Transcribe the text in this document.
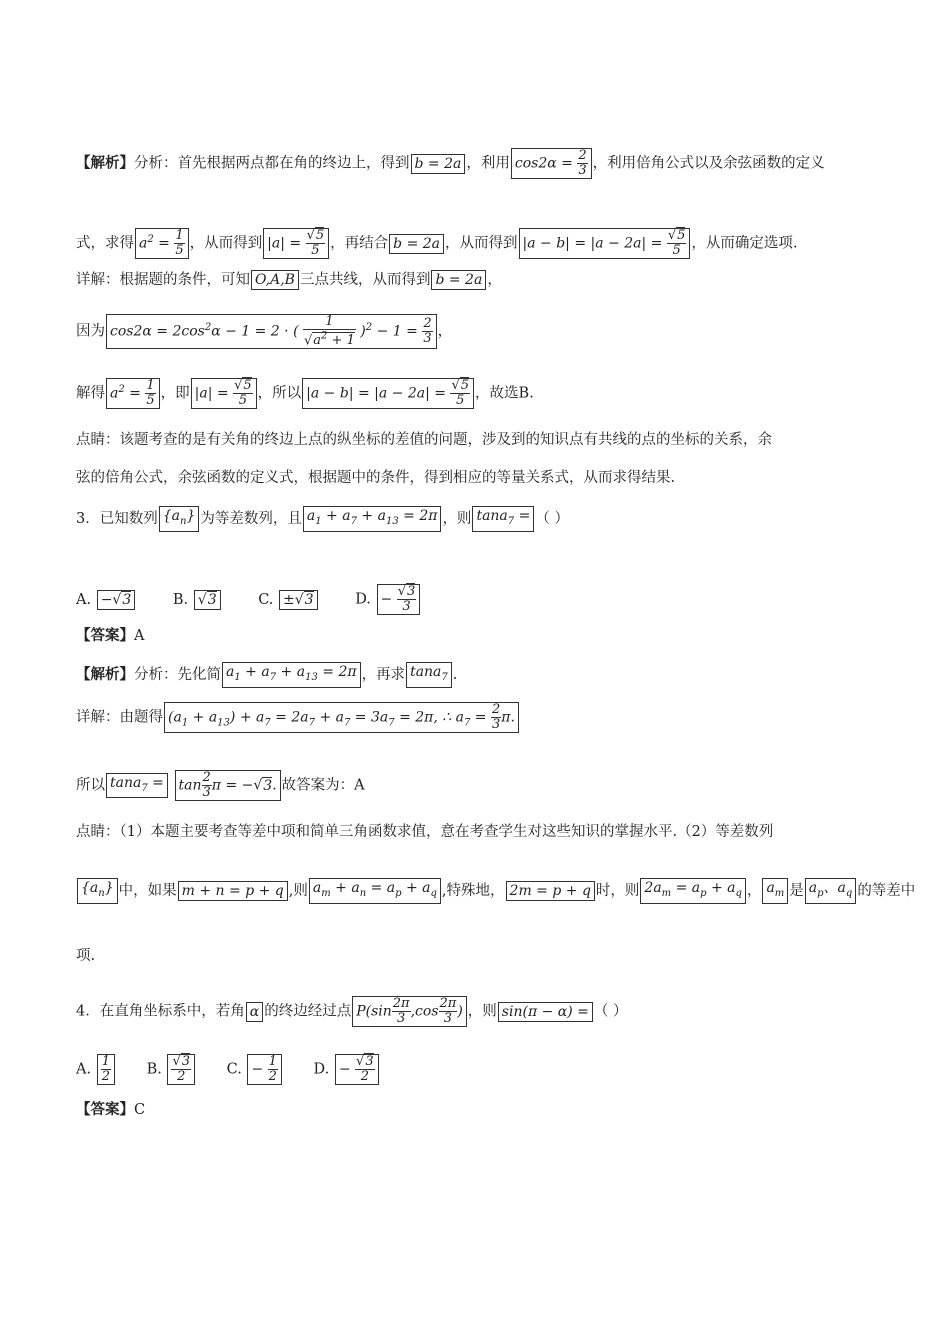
【解析】分析：首先根据两点都在角的终边上，得到 b = 2a ，利用 $\cos 2\alpha = \frac{2}{3}$ ，利用倍角公式以及余弦函数的定义
式，求得 $a^2 = \frac{1}{5}$ ，从而得到 $|a| = \frac{√5}{5}$ ，再结合 b = 2a ，从而得到 $|a - b| = |a - 2a| = \frac{√5}{5}$ ，从而确定选项.
详解：根据题的条件，可知 O,A,B 三点共线，从而得到 b = 2a ，
因为 $\cos 2\alpha = 2\cos^2\alpha - 1 = 2$ · ( $\frac{1}{√a^2 + 1} )^2 - 1 = \frac{2}{3}$ ，
解得 $a^2 = \frac{1}{5}$ ，即 $|a| = \frac{√5}{5}$ ，所以 $|a - b| = |a - 2a| = \frac{√5}{5}$ ，故选B.
点睛：该题考查的是有关角的终边上点的纵坐标的差值的问题，涉及到的知识点有共线的点的坐标的关系，余
弦的倍角公式，余弦函数的定义式，根据题中的条件，得到相应的等量关系式，从而求得结果.
3．已知数列 $\{a_n\}$ 为等差数列，且 $a_1 + a_7 + a_{13} = 2\pi$ ，则 tana$_7$ = （ ）
A. −√3	B. √3	C. ±√3	D. − $\frac{√3}{3}$
【答案】A
【解析】分析：先化简 $a_1 + a_7 + a_{13} = 2\pi$ ，再求 tana$_7$ .
详解：由题得 $(a_1 + a_{13}) + a_7 = 2a_7 + a_7 = 3a_7 = 2\pi$, ∴ $a_7 = \frac{2}{3} \pi$.
所以 $\tan a_7 = \tan \frac{2}{3}$ π = −√3. 故答案为：A
点睛：（1）本题主要考查等差中项和简单三角函数求值，意在考查学生对这些知识的掌握水平.（2）等差数列
$\{a_n\}$ 中，如果 m + n = p + q ,则 $a_m + a_n = a_p + a_q$ ,特殊地， 2m = p + q 时，则 $2a_m = a_p + a_q$ ， $a_m$ 是 $a_p$、$a_q$ 的等差中
项.
4．在直角坐标系中，若角 α 的终边经过点 $P(\sin \frac{2\pi}{3} ,\cos \frac{2\pi}{3}$ ) ，则 sin(π − α) = （ ）
A. $\frac{1}{2} B$. $\frac{√3}{2} C$. − $\frac{1}{2} D$. − $\frac{√3}{2}$
【答案】C
